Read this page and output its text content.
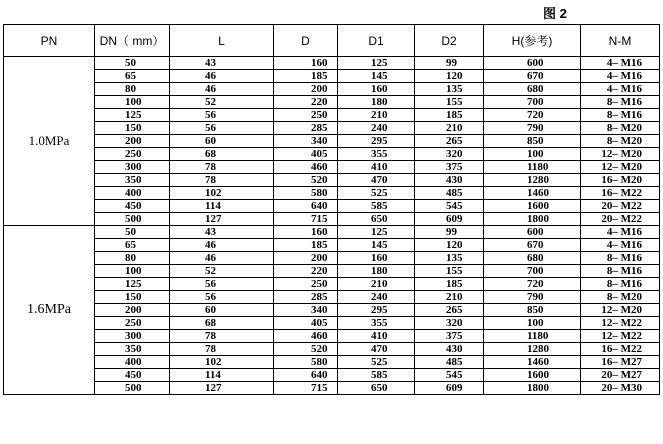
图 2
PN	DN（ mm）	L	D	D1	D2	H(参考)	N-M
1.0MPa	50	43	160	125	99	600	4– M16
	65	46	185	145	120	670	4– M16
	80	46	200	160	135	680	4– M16
	100	52	220	180	155	700	8– M16
	125	56	250	210	185	720	8– M16
	150	56	285	240	210	790	8– M20
	200	60	340	295	265	850	8– M20
	250	68	405	355	320	100	12– M20
	300	78	460	410	375	1180	12– M20
	350	78	520	470	430	1280	16– M20
	400	102	580	525	485	1460	16– M22
	450	114	640	585	545	1600	20– M22
	500	127	715	650	609	1800	20– M22
1.6MPa	50	43	160	125	99	600	4– M16
	65	46	185	145	120	670	4– M16
	80	46	200	160	135	680	8– M16
	100	52	220	180	155	700	8– M16
	125	56	250	210	185	720	8– M16
	150	56	285	240	210	790	8– M20
	200	60	340	295	265	850	12– M20
	250	68	405	355	320	100	12– M22
	300	78	460	410	375	1180	12– M22
	350	78	520	470	430	1280	16– M22
	400	102	580	525	485	1460	16– M27
	450	114	640	585	545	1600	20– M27
	500	127	715	650	609	1800	20– M30
